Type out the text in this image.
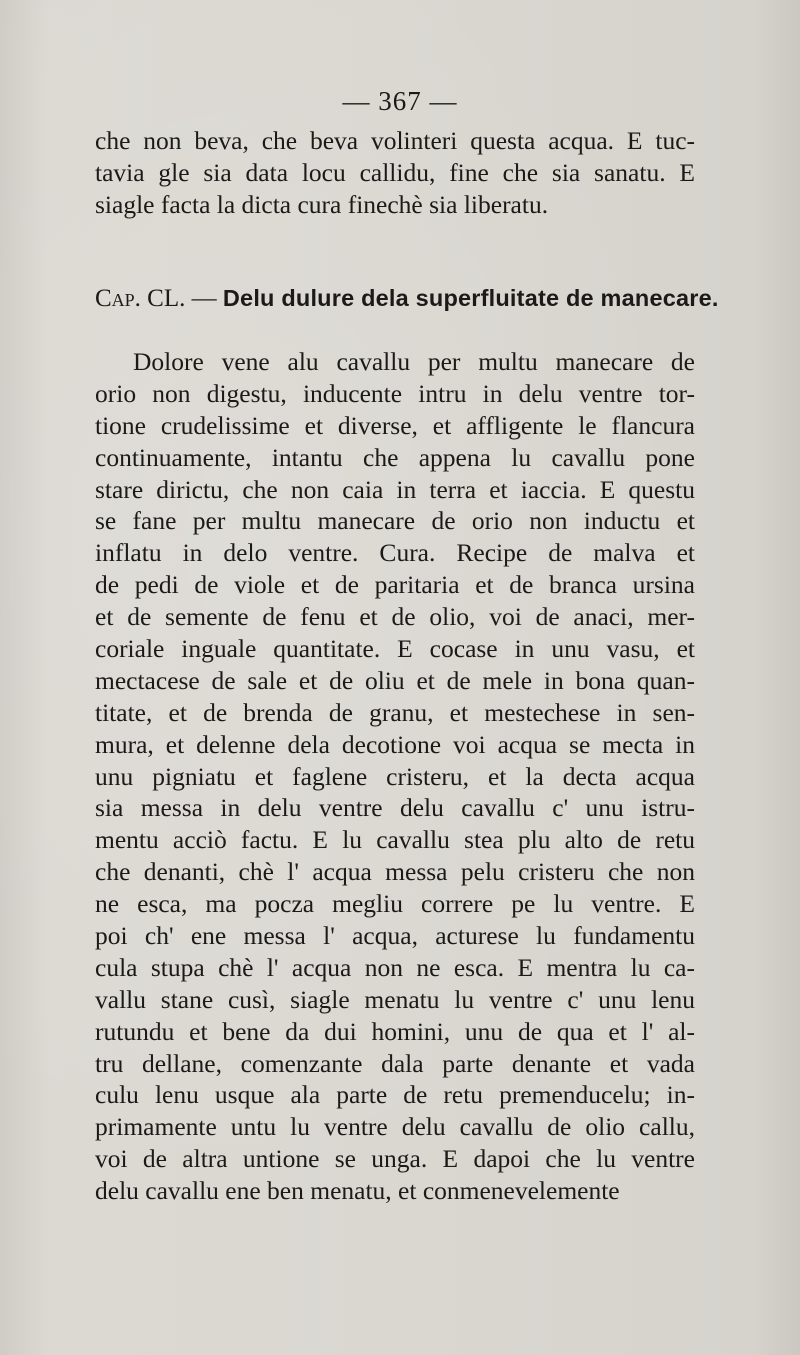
— 367 —
che non beva, che beva volinteri questa acqua. E tuc-
tavia gle sia data locu callidu, fine che sia sanatu. E
siagle facta la dicta cura finechè sia liberatu.
Cap. CL. — Delu dulure dela superfluitate de manecare.
Dolore vene alu cavallu per multu manecare de
orio non digestu, inducente intru in delu ventre tor-
tione crudelissime et diverse, et affligente le flancura
continuamente, intantu che appena lu cavallu pone
stare dirictu, che non caia in terra et iaccia. E questu
se fane per multu manecare de orio non inductu et
inflatu in delo ventre. Cura. Recipe de malva et
de pedi de viole et de paritaria et de branca ursina
et de semente de fenu et de olio, voi de anaci, mer-
coriale inguale quantitate. E cocase in unu vasu, et
mectacese de sale et de oliu et de mele in bona quan-
titate, et de brenda de granu, et mestechese in sen-
mura, et delenne dela decotione voi acqua se mecta in
unu pigniatu et faglene cristeru, et la decta acqua
sia messa in delu ventre delu cavallu c' unu istru-
mentu acciò factu. E lu cavallu stea plu alto de retu
che denanti, chè l' acqua messa pelu cristeru che non
ne esca, ma pocza megliu correre pe lu ventre. E
poi ch' ene messa l' acqua, acturese lu fundamentu
cula stupa chè l' acqua non ne esca. E mentra lu ca-
vallu stane cusì, siagle menatu lu ventre c' unu lenu
rutundu et bene da dui homini, unu de qua et l' al-
tru dellane, comenzante dala parte denante et vada
culu lenu usque ala parte de retu premenducelu; in-
primamente untu lu ventre delu cavallu de olio callu,
voi de altra untione se unga. E dapoi che lu ventre
delu cavallu ene ben menatu, et conmenevelemente
